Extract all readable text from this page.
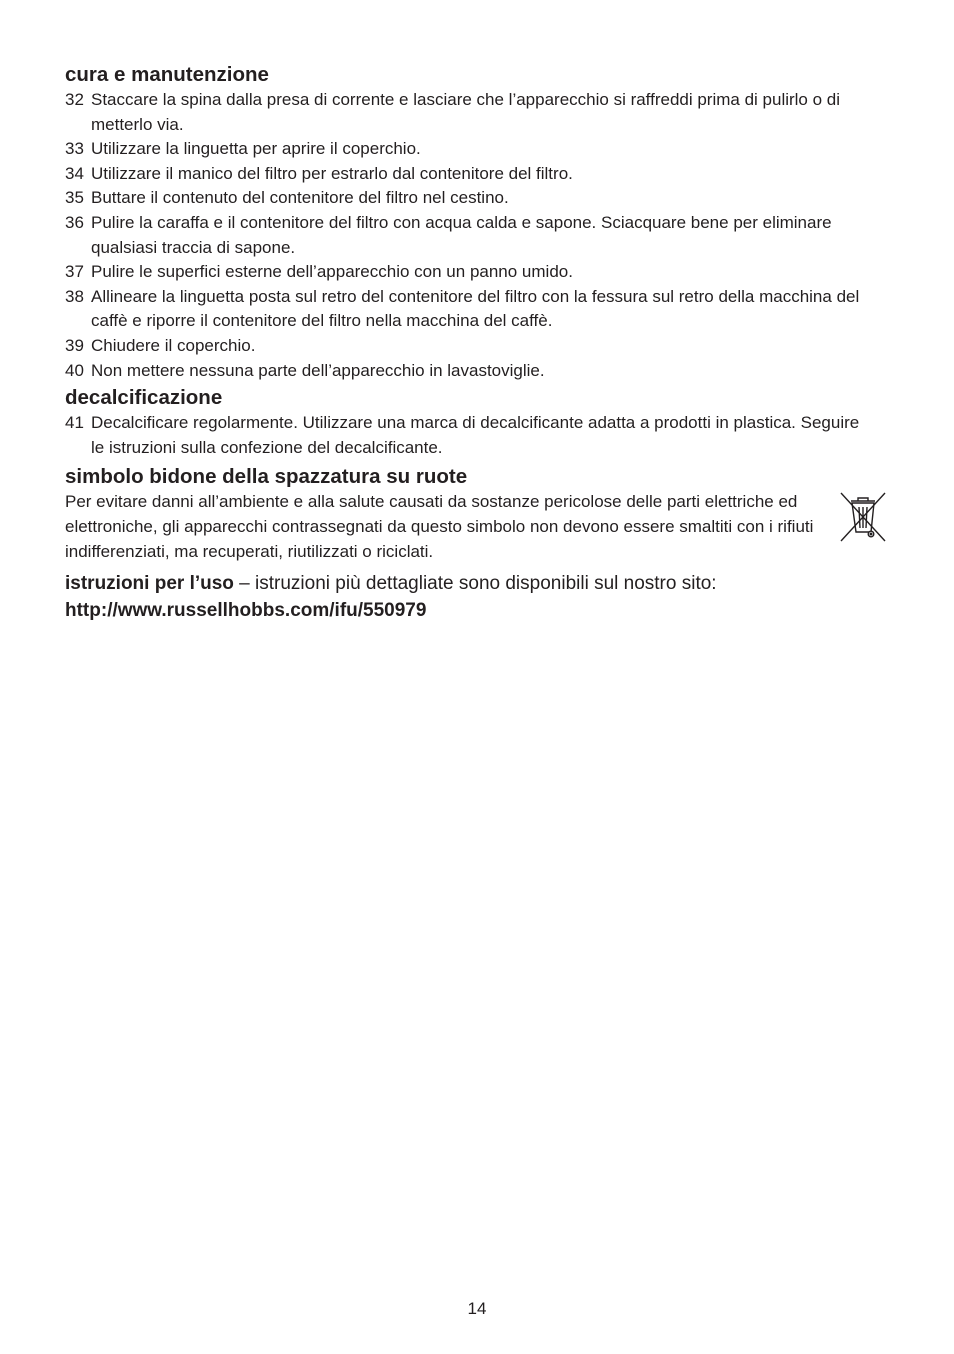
cura e manutenzione
32 Staccare la spina dalla presa di corrente e lasciare che l’apparecchio si raffreddi prima di pulirlo o di metterlo via.
33 Utilizzare la linguetta per aprire il coperchio.
34 Utilizzare il manico del filtro per estrarlo dal contenitore del filtro.
35 Buttare il contenuto del contenitore del filtro nel cestino.
36 Pulire la caraffa e il contenitore del filtro con acqua calda e sapone. Sciacquare bene per eliminare qualsiasi traccia di sapone.
37 Pulire le superfici esterne dell’apparecchio con un panno umido.
38 Allineare la linguetta posta sul retro del contenitore del filtro con la fessura sul retro della macchina del caffè e riporre il contenitore del filtro nella macchina del caffè.
39 Chiudere il coperchio.
40 Non mettere nessuna parte dell’apparecchio in lavastoviglie.
decalcificazione
41 Decalcificare regolarmente. Utilizzare una marca di decalcificante adatta a prodotti in plastica. Seguire le istruzioni sulla confezione del decalcificante.
simbolo bidone della spazzatura su ruote

Per evitare danni all’ambiente e alla salute causati da sostanze pericolose delle parti elettriche ed elettroniche, gli apparecchi contrassegnati da questo simbolo non devono essere smaltiti con i rifiuti indifferenziati, ma recuperati, riutilizzati o riciclati.

istruzioni per l’uso – istruzioni più dettagliate sono disponibili sul nostro sito:

http://www.russellhobbs.com/ifu/550979

14
